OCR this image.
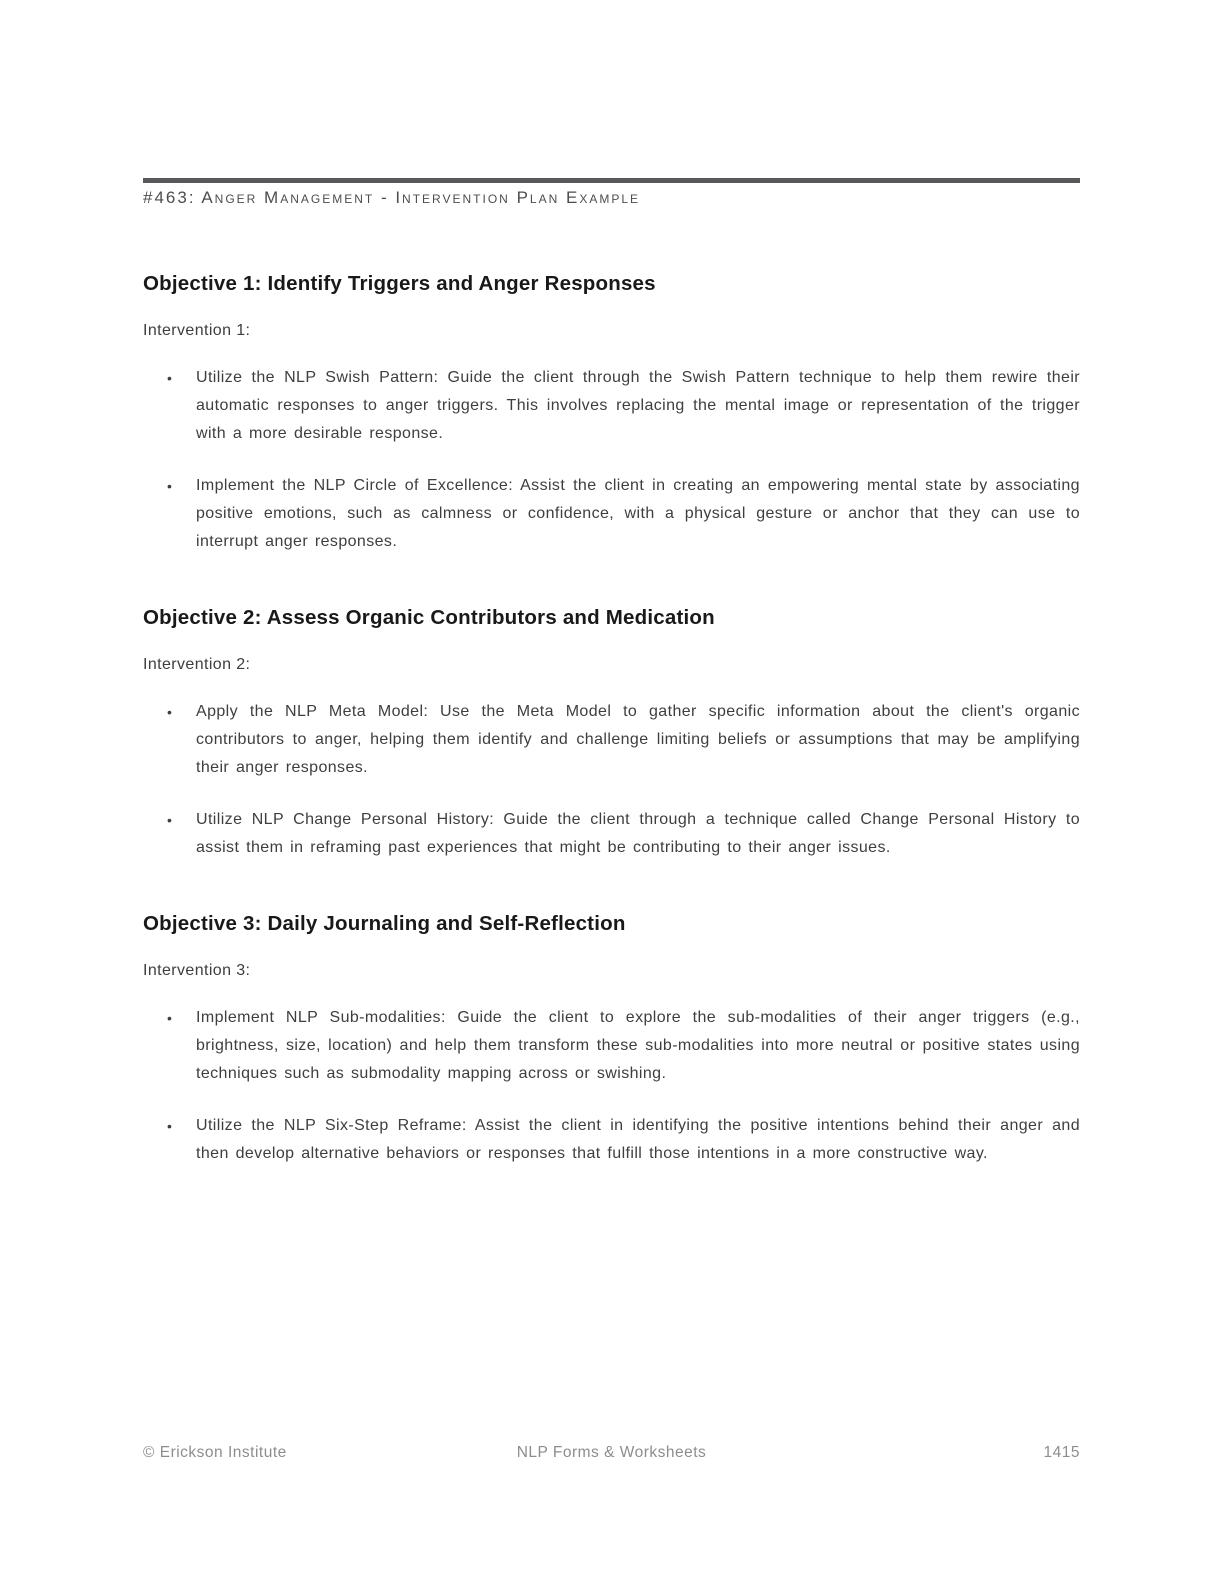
#463: Anger Management - Intervention Plan Example
Objective 1: Identify Triggers and Anger Responses
Intervention 1:
• Utilize the NLP Swish Pattern: Guide the client through the Swish Pattern technique to help them rewire their automatic responses to anger triggers. This involves replacing the mental image or representation of the trigger with a more desirable response.
• Implement the NLP Circle of Excellence: Assist the client in creating an empowering mental state by associating positive emotions, such as calmness or confidence, with a physical gesture or anchor that they can use to interrupt anger responses.
Objective 2: Assess Organic Contributors and Medication
Intervention 2:
• Apply the NLP Meta Model: Use the Meta Model to gather specific information about the client's organic contributors to anger, helping them identify and challenge limiting beliefs or assumptions that may be amplifying their anger responses.
• Utilize NLP Change Personal History: Guide the client through a technique called Change Personal History to assist them in reframing past experiences that might be contributing to their anger issues.
Objective 3: Daily Journaling and Self-Reflection
Intervention 3:
• Implement NLP Sub-modalities: Guide the client to explore the sub-modalities of their anger triggers (e.g., brightness, size, location) and help them transform these sub-modalities into more neutral or positive states using techniques such as submodality mapping across or swishing.
• Utilize the NLP Six-Step Reframe: Assist the client in identifying the positive intentions behind their anger and then develop alternative behaviors or responses that fulfill those intentions in a more constructive way.
© Erickson Institute	NLP Forms & Worksheets	1415
